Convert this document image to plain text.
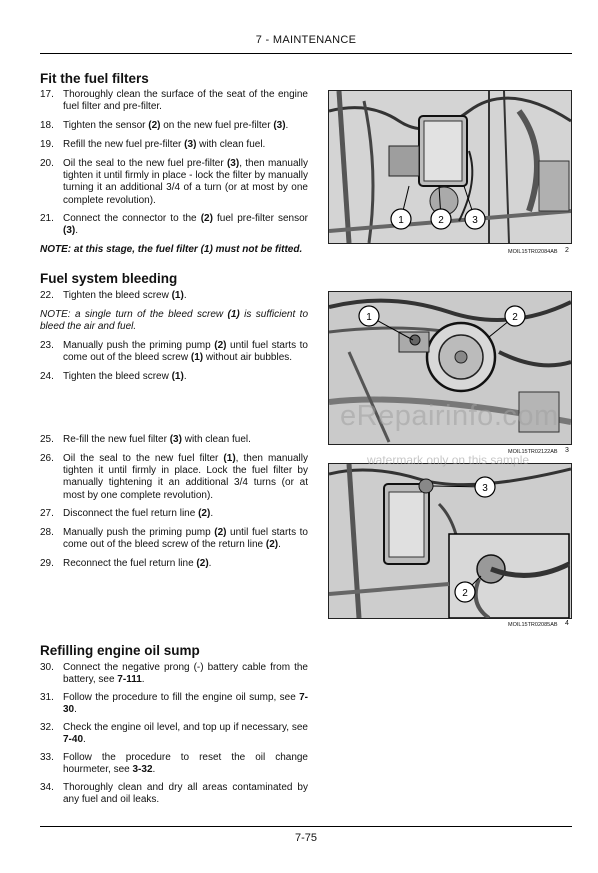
7 - MAINTENANCE
Fit the fuel filters
17. Thoroughly clean the surface of the seat of the engine fuel filter and pre-filter.
18. Tighten the sensor (2) on the new fuel pre-filter (3).
19. Refill the new fuel pre-filter (3) with clean fuel.
20. Oil the seal to the new fuel pre-filter (3), then manually tighten it until firmly in place - lock the filter by manually turning it an additional 3/4 of a turn (or at most by one complete revolution).
21. Connect the connector to the (2) fuel pre-filter sensor (3).
NOTE: at this stage, the fuel filter (1) must not be fitted.
Fuel system bleeding
22. Tighten the bleed screw (1).
NOTE: a single turn of the bleed screw (1) is sufficient to bleed the air and fuel.
23. Manually push the priming pump (2) until fuel starts to come out of the bleed screw (1) without air bubbles.
24. Tighten the bleed screw (1).
25. Re-fill the new fuel filter (3) with clean fuel.
26. Oil the seal to the new fuel filter (1), then manually tighten it until firmly in place. Lock the fuel filter by manually tightening it an additional 3/4 turns (or at most by one complete revolution).
27. Disconnect the fuel return line (2).
28. Manually push the priming pump (2) until fuel starts to come out of the bleed screw of the return line (2).
29. Reconnect the fuel return line (2).
Refilling engine oil sump
30. Connect the negative prong (-) battery cable from the battery, see 7-111.
31. Follow the procedure to fill the engine oil sump, see 7-30.
32. Check the engine oil level, and top up if necessary, see 7-40.
33. Follow the procedure to reset the oil change hourmeter, see 3-32.
34. Thoroughly clean and dry all areas contaminated by any fuel and oil leaks.
1	2	3
MOIL15TR02084AB 2
1	2
MOIL15TR02122AB 3
3
2
MOIL15TR02085AB 4
eRepairinfo.com
watermark only on this sample
7-75
